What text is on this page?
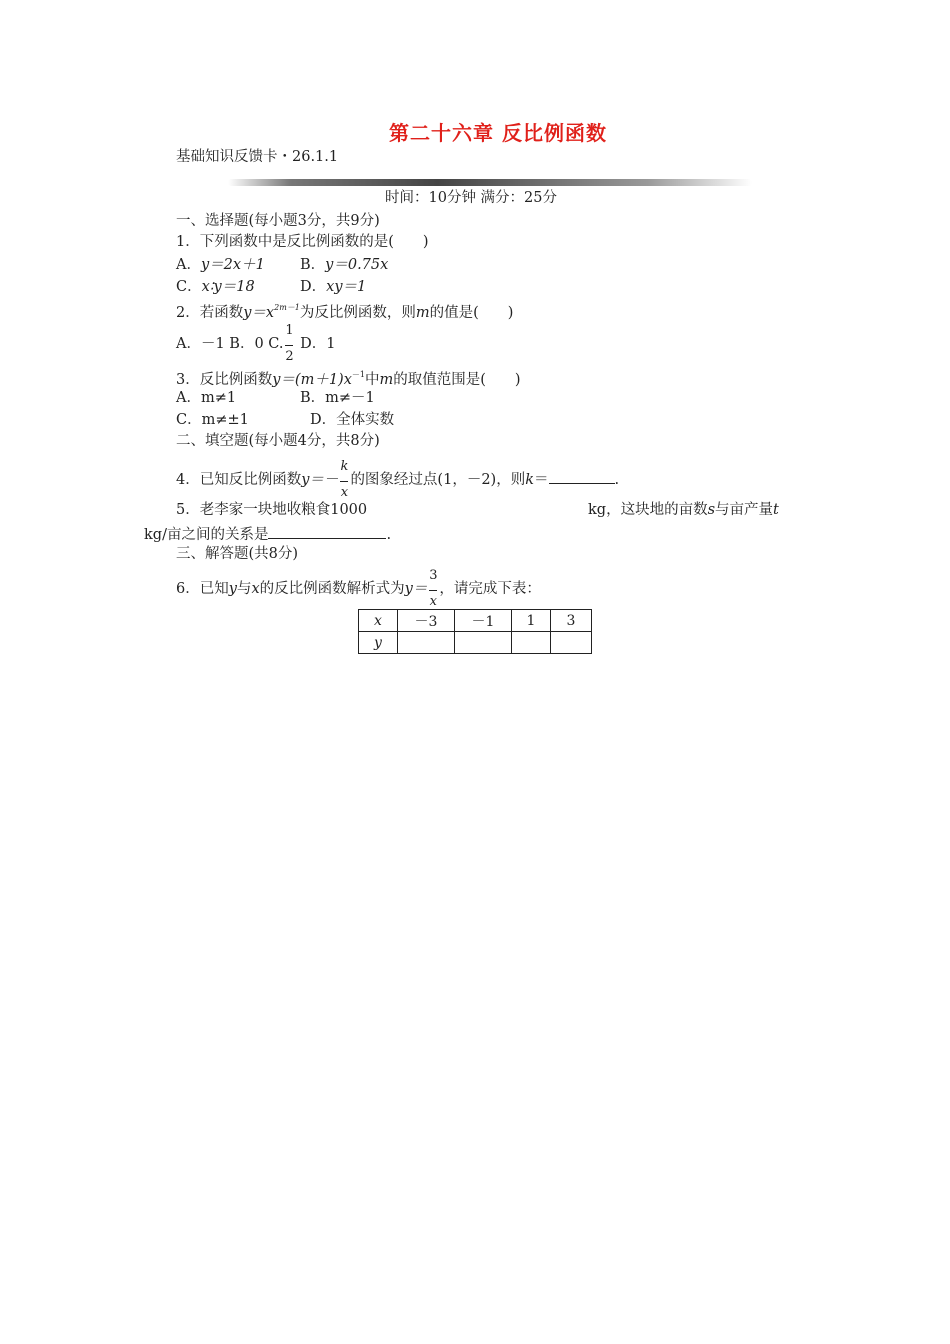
第二十六章 反比例函数
基础知识反馈卡・26.1.1
时间：10分钟 满分：25分
一、选择题(每小题3分，共9分)
1．下列函数中是反比例函数的是(　　)
A．y＝2x＋1 B．y＝0.75x
C．x∶y＝18	D．xy＝1
2．若函数$y=x^{2m-1}$为反比例函数，则m的值是(　　)
A．－1 B．0 C.
$\frac{1}{2}$
D．1
3．反比例函数$y=(m+1)x^{-1}$中m的取值范围是(　　)
A．m≠1	B．m≠－1
C．m≠±1	D．全体实数
二、填空题(每小题4分，共8分)
4．已知反比例函数y＝－
$\frac{k}{x}$
的图象经过点(1，－2)，则k＝	.
5．老李家一块地收粮食1000	kg，这块地的亩数s与亩产量t
kg/亩之间的关系是	.
三、解答题(共8分)
6．已知y与x的反比例函数解析式为y＝
$\frac{3}{x}$
，请完成下表：
x	－3	－1	1	3
y				
